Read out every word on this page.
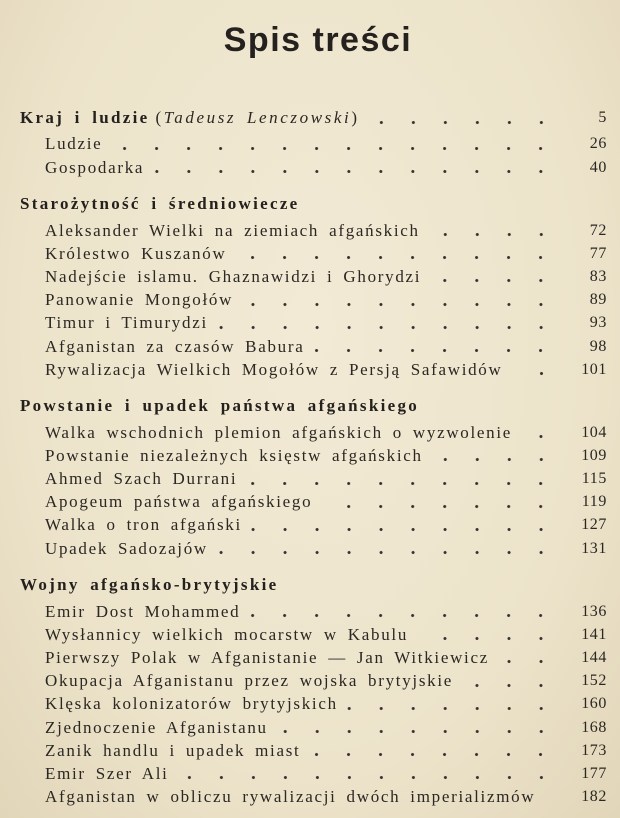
Spis treści
Kraj i ludzie (Tadeusz Lenczowski)	5
Ludzie	26
Gospodarka	40
Starożytność i średniowiecze
Aleksander Wielki na ziemiach afgańskich	72
Królestwo Kuszanów	77
Nadejście islamu. Ghaznawidzi i Ghorydzi	83
Panowanie Mongołów	89
Timur i Timurydzi	93
Afganistan za czasów Babura	98
Rywalizacja Wielkich Mogołów z Persją Safawidów	101
Powstanie i upadek państwa afgańskiego
Walka wschodnich plemion afgańskich o wyzwolenie	104
Powstanie niezależnych księstw afgańskich	109
Ahmed Szach Durrani	115
Apogeum państwa afgańskiego	119
Walka o tron afgański	127
Upadek Sadozajów	131
Wojny afgańsko-brytyjskie
Emir Dost Mohammed	136
Wysłannicy wielkich mocarstw w Kabulu	141
Pierwszy Polak w Afganistanie — Jan Witkiewicz	144
Okupacja Afganistanu przez wojska brytyjskie	152
Klęska kolonizatorów brytyjskich	160
Zjednoczenie Afganistanu	168
Zanik handlu i upadek miast	173
Emir Szer Ali	177
Afganistan w obliczu rywalizacji dwóch imperializmów	182
